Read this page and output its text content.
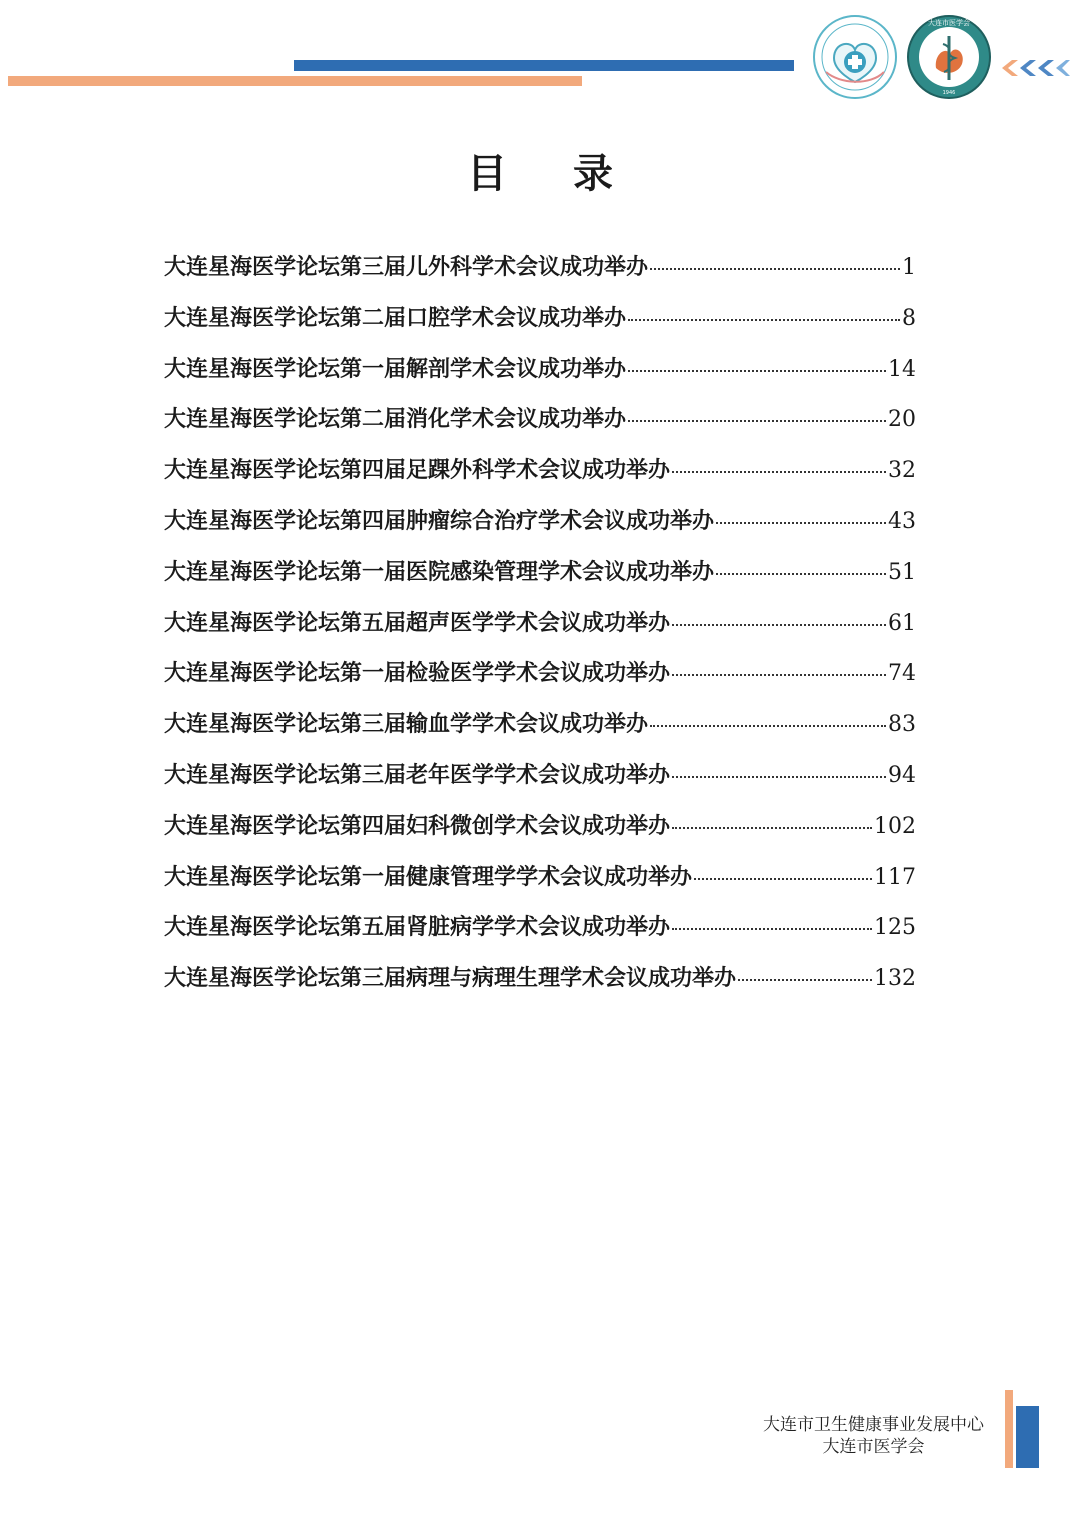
大连市医学会
1946
目 录
大连星海医学论坛第三届儿外科学术会议成功举办	1
大连星海医学论坛第二届口腔学术会议成功举办	8
大连星海医学论坛第一届解剖学术会议成功举办	14
大连星海医学论坛第二届消化学术会议成功举办	20
大连星海医学论坛第四届足踝外科学术会议成功举办	32
大连星海医学论坛第四届肿瘤综合治疗学术会议成功举办	43
大连星海医学论坛第一届医院感染管理学术会议成功举办	51
大连星海医学论坛第五届超声医学学术会议成功举办	61
大连星海医学论坛第一届检验医学学术会议成功举办	74
大连星海医学论坛第三届输血学学术会议成功举办	83
大连星海医学论坛第三届老年医学学术会议成功举办	94
大连星海医学论坛第四届妇科微创学术会议成功举办	102
大连星海医学论坛第一届健康管理学学术会议成功举办	117
大连星海医学论坛第五届肾脏病学学术会议成功举办	125
大连星海医学论坛第三届病理与病理生理学术会议成功举办	132
大连市卫生健康事业发展中心
大连市医学会
